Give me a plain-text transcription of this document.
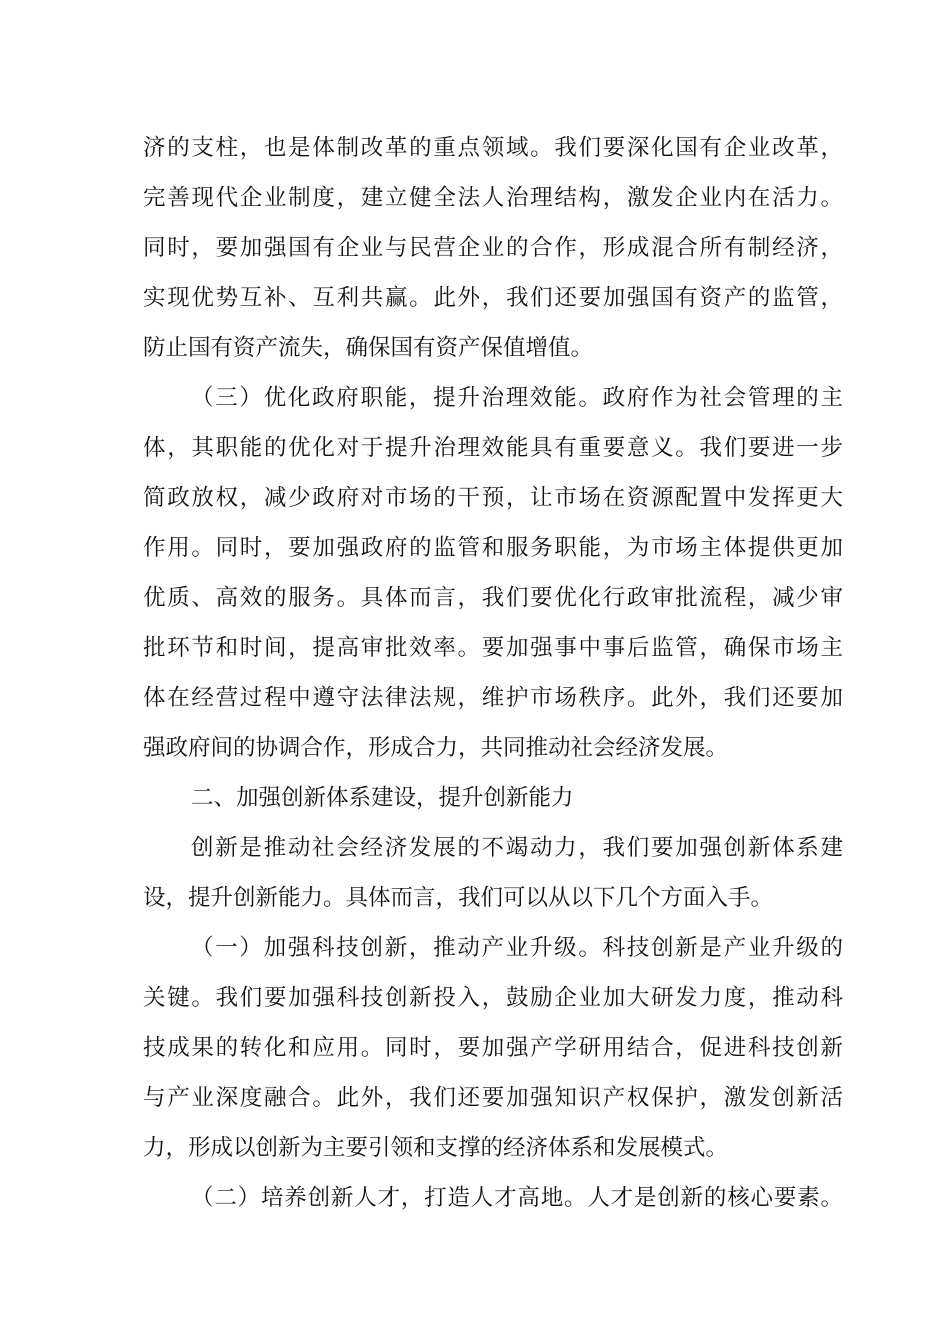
济的支柱，也是体制改革的重点领域。我们要深化国有企业改革，
完善现代企业制度，建立健全法人治理结构，激发企业内在活力。
同时，要加强国有企业与民营企业的合作，形成混合所有制经济，
实现优势互补、互利共赢。此外，我们还要加强国有资产的监管，
防止国有资产流失，确保国有资产保值增值。
（三）优化政府职能，提升治理效能。政府作为社会管理的主
体，其职能的优化对于提升治理效能具有重要意义。我们要进一步
简政放权，减少政府对市场的干预，让市场在资源配置中发挥更大
作用。同时，要加强政府的监管和服务职能，为市场主体提供更加
优质、高效的服务。具体而言，我们要优化行政审批流程，减少审
批环节和时间，提高审批效率。要加强事中事后监管，确保市场主
体在经营过程中遵守法律法规，维护市场秩序。此外，我们还要加
强政府间的协调合作，形成合力，共同推动社会经济发展。
二、加强创新体系建设，提升创新能力
创新是推动社会经济发展的不竭动力，我们要加强创新体系建
设，提升创新能力。具体而言，我们可以从以下几个方面入手。
（一）加强科技创新，推动产业升级。科技创新是产业升级的
关键。我们要加强科技创新投入，鼓励企业加大研发力度，推动科
技成果的转化和应用。同时，要加强产学研用结合，促进科技创新
与产业深度融合。此外，我们还要加强知识产权保护，激发创新活
力，形成以创新为主要引领和支撑的经济体系和发展模式。
（二）培养创新人才，打造人才高地。人才是创新的核心要素。
